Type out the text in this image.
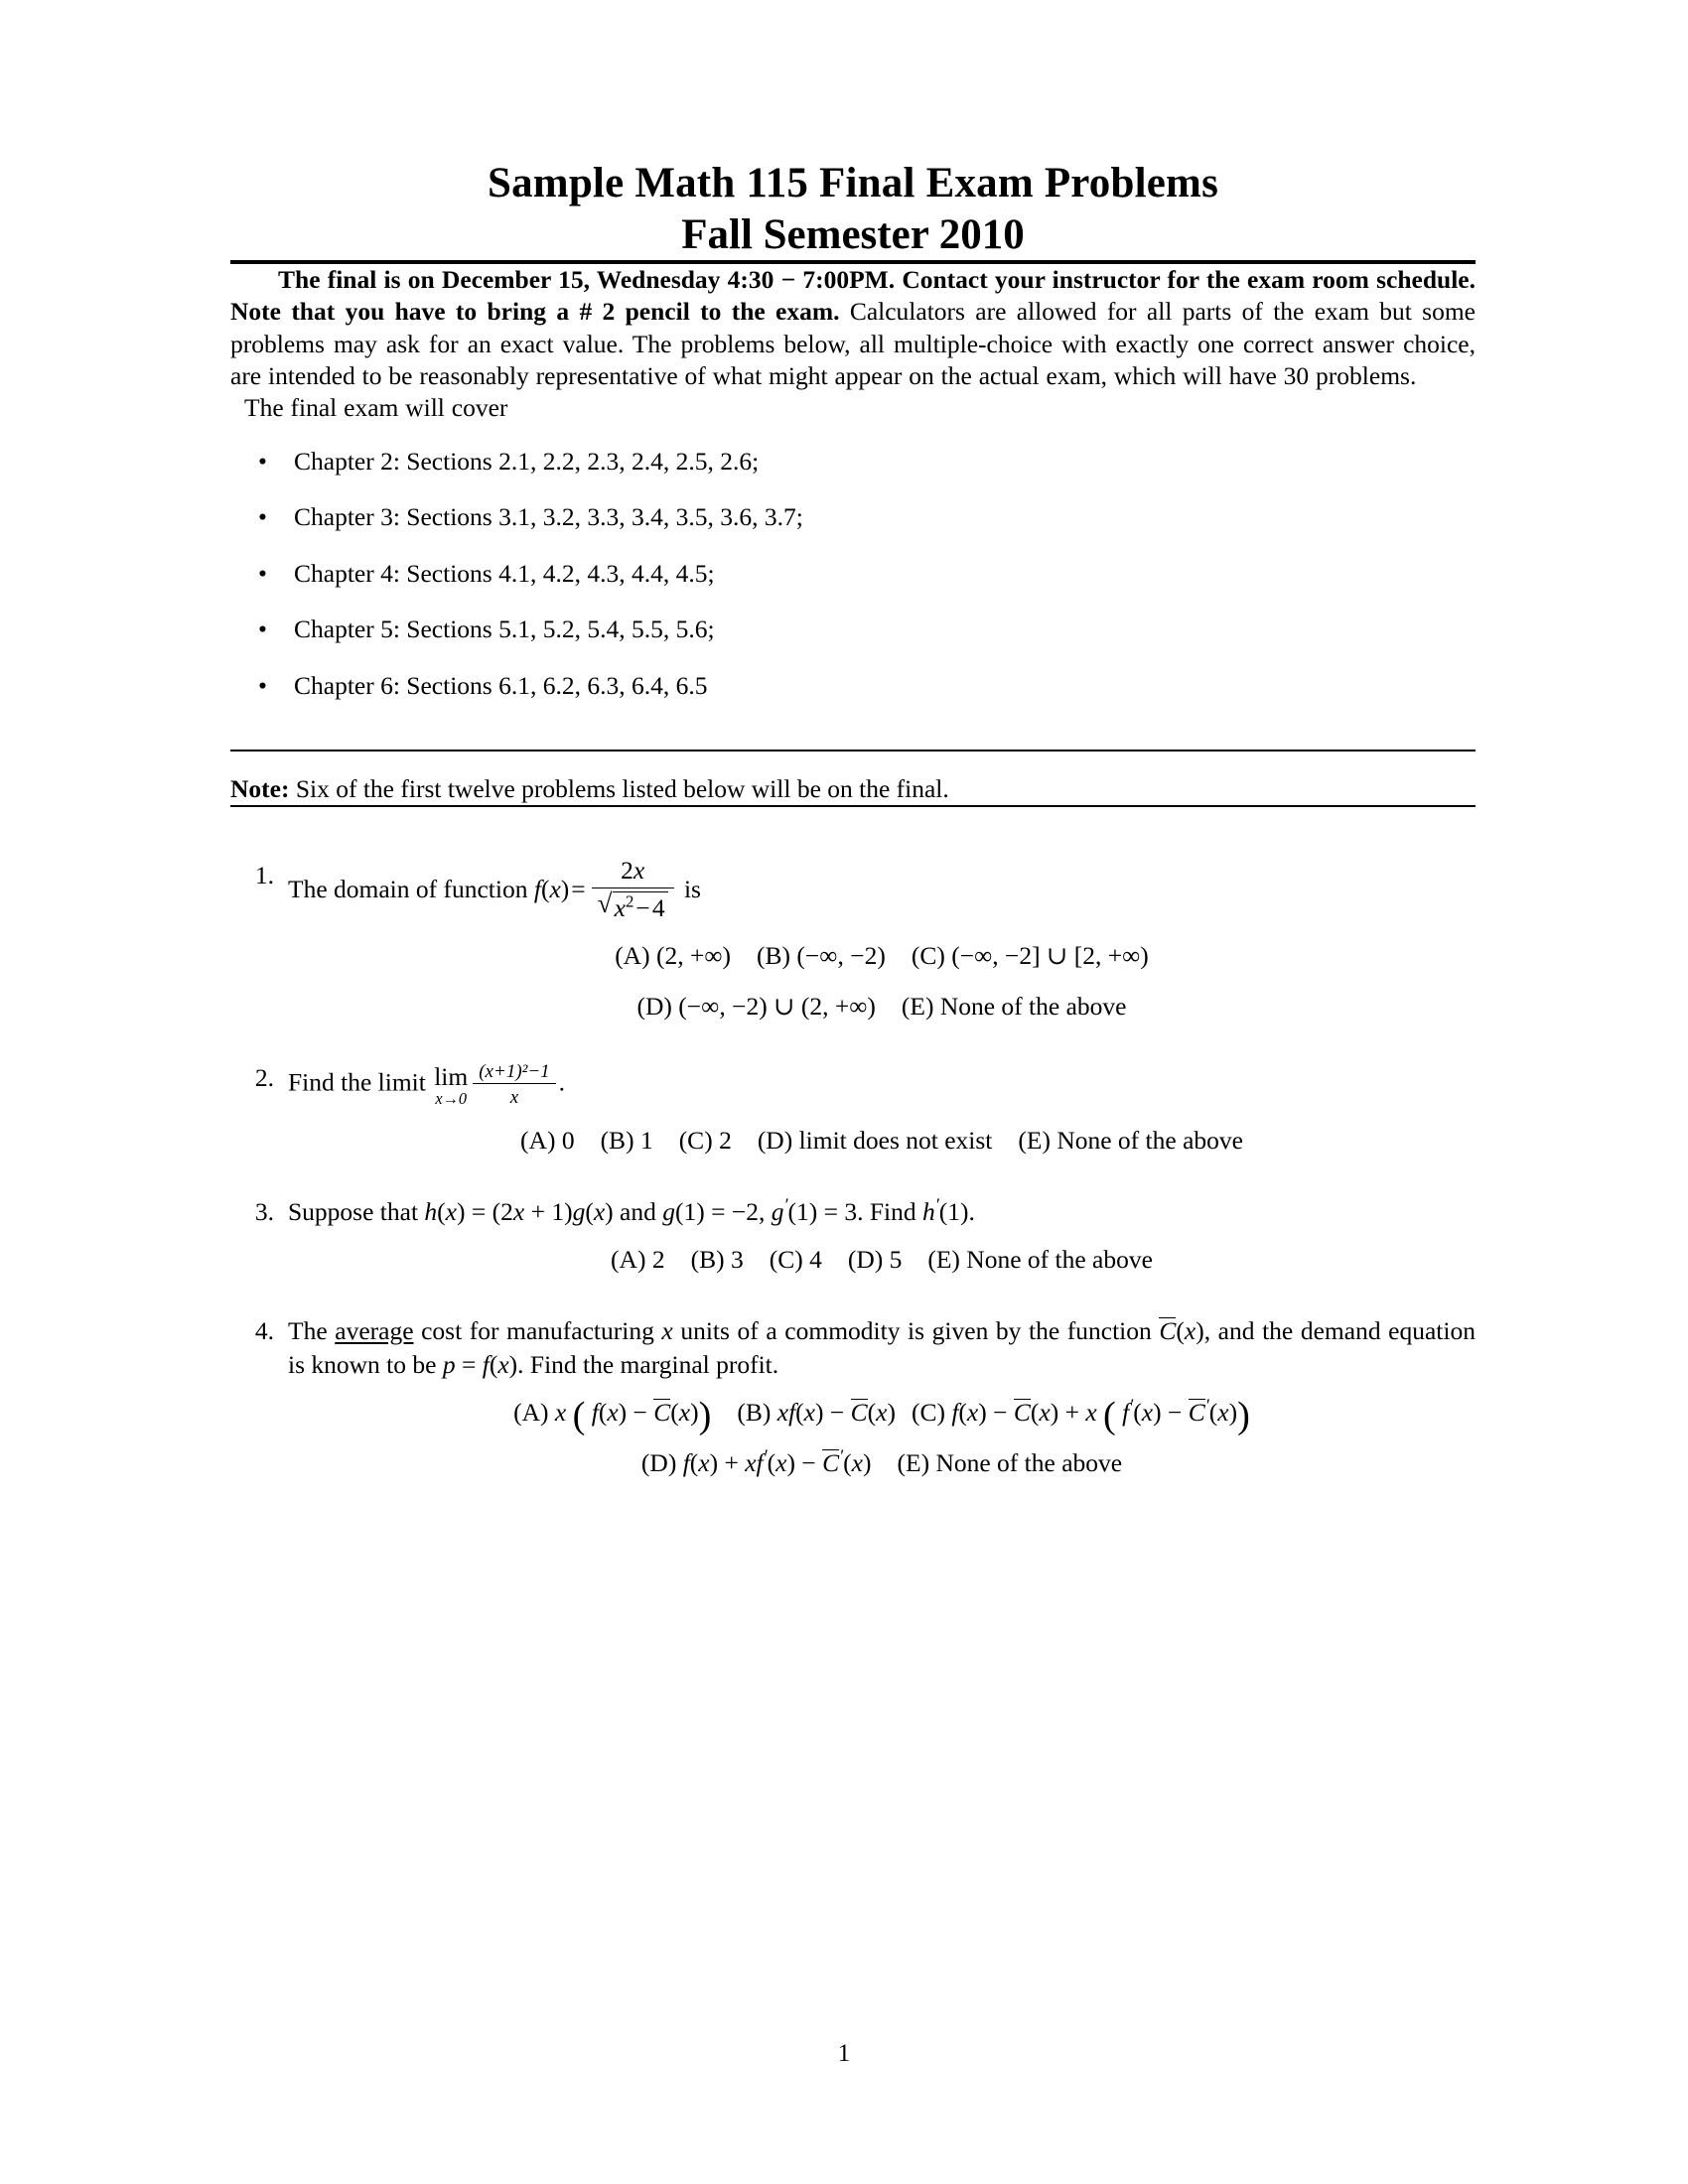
Sample Math 115 Final Exam Problems
Fall Semester 2010

The final is on December 15, Wednesday 4:30 − 7:00PM. Contact your instructor for the exam room schedule. Note that you have to bring a # 2 pencil to the exam. Calculators are allowed for all parts of the exam but some problems may ask for an exact value. The problems below, all multiple-choice with exactly one correct answer choice, are intended to be reasonably representative of what might appear on the actual exam, which will have 30 problems.

The final exam will cover

• Chapter 2: Sections 2.1, 2.2, 2.3, 2.4, 2.5, 2.6;
• Chapter 3: Sections 3.1, 3.2, 3.3, 3.4, 3.5, 3.6, 3.7;
• Chapter 4: Sections 4.1, 4.2, 4.3, 4.4, 4.5;
• Chapter 5: Sections 5.1, 5.2, 5.4, 5.5, 5.6;
• Chapter 6: Sections 6.1, 6.2, 6.3, 6.4, 6.5

Note: Six of the first twelve problems listed below will be on the final.

1. The domain of function $f(x)= \frac{2x}{√ x^2-4}$ is
(A) (2, +∞) (B) (−∞, −2) (C) (−∞, −2] ∪ [2, +∞)
(D) (−∞, −2) ∪ (2, +∞) (E) None of the above
2. Find the limit lim
$x\to 0 \frac{\text{(x+1)²−1}}{x}$ .
(A) 0 (B) 1 (C) 2 (D) limit does not exist (E) None of the above
3. Suppose that h(x) = (2x + 1)g(x) and g(1) = −2, g′(1) = 3. Find h′(1).
(A) 2 (B) 3 (C) 4 (D) 5 (E) None of the above
4. The average cost for manufacturing x units of a commodity is given by the function C(x), and the demand equation is known to be p = f(x). Find the marginal profit.
(A) x ( f(x) − C(x)) (B) xf(x) − C(x) (C) f(x) − C(x) + x ( f′(x) − C′(x))
(D) f(x) + xf′(x) − C′(x) (E) None of the above
1
